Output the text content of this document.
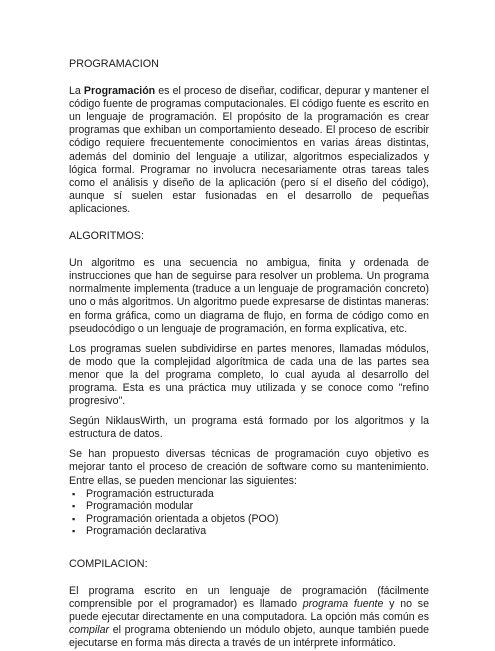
PROGRAMACION

La Programación es el proceso de diseñar, codificar, depurar y mantener el código fuente de programas computacionales. El código fuente es escrito en un lenguaje de programación. El propósito de la programación es crear programas que exhiban un comportamiento deseado. El proceso de escribir código requiere frecuentemente conocimientos en varias áreas distintas, además del dominio del lenguaje a utilizar, algoritmos especializados y lógica formal. Programar no involucra necesariamente otras tareas tales como el análisis y diseño de la aplicación (pero sí el diseño del código), aunque sí suelen estar fusionadas en el desarrollo de pequeñas aplicaciones.

ALGORITMOS:

Un algoritmo es una secuencia no ambigua, finita y ordenada de instrucciones que han de seguirse para resolver un problema. Un programa normalmente implementa (traduce a un lenguaje de programación concreto) uno o más algoritmos. Un algoritmo puede expresarse de distintas maneras: en forma gráfica, como un diagrama de flujo, en forma de código como en pseudocódigo o un lenguaje de programación, en forma explicativa, etc.

Los programas suelen subdividirse en partes menores, llamadas módulos, de modo que la complejidad algorítmica de cada una de las partes sea menor que la del programa completo, lo cual ayuda al desarrollo del programa. Esta es una práctica muy utilizada y se conoce como "refino progresivo".

Según NiklausWirth, un programa está formado por los algoritmos y la estructura de datos.

Se han propuesto diversas técnicas de programación cuyo objetivo es mejorar tanto el proceso de creación de software como su mantenimiento. Entre ellas, se pueden mencionar las siguientes:

▪ Programación estructurada
▪ Programación modular
▪ Programación orientada a objetos (POO)
▪ Programación declarativa
COMPILACION:

El programa escrito en un lenguaje de programación (fácilmente comprensible por el programador) es llamado programa fuente y no se puede ejecutar directamente en una computadora. La opción más común es compilar el programa obteniendo un módulo objeto, aunque también puede ejecutarse en forma más directa a través de un intérprete informático.
